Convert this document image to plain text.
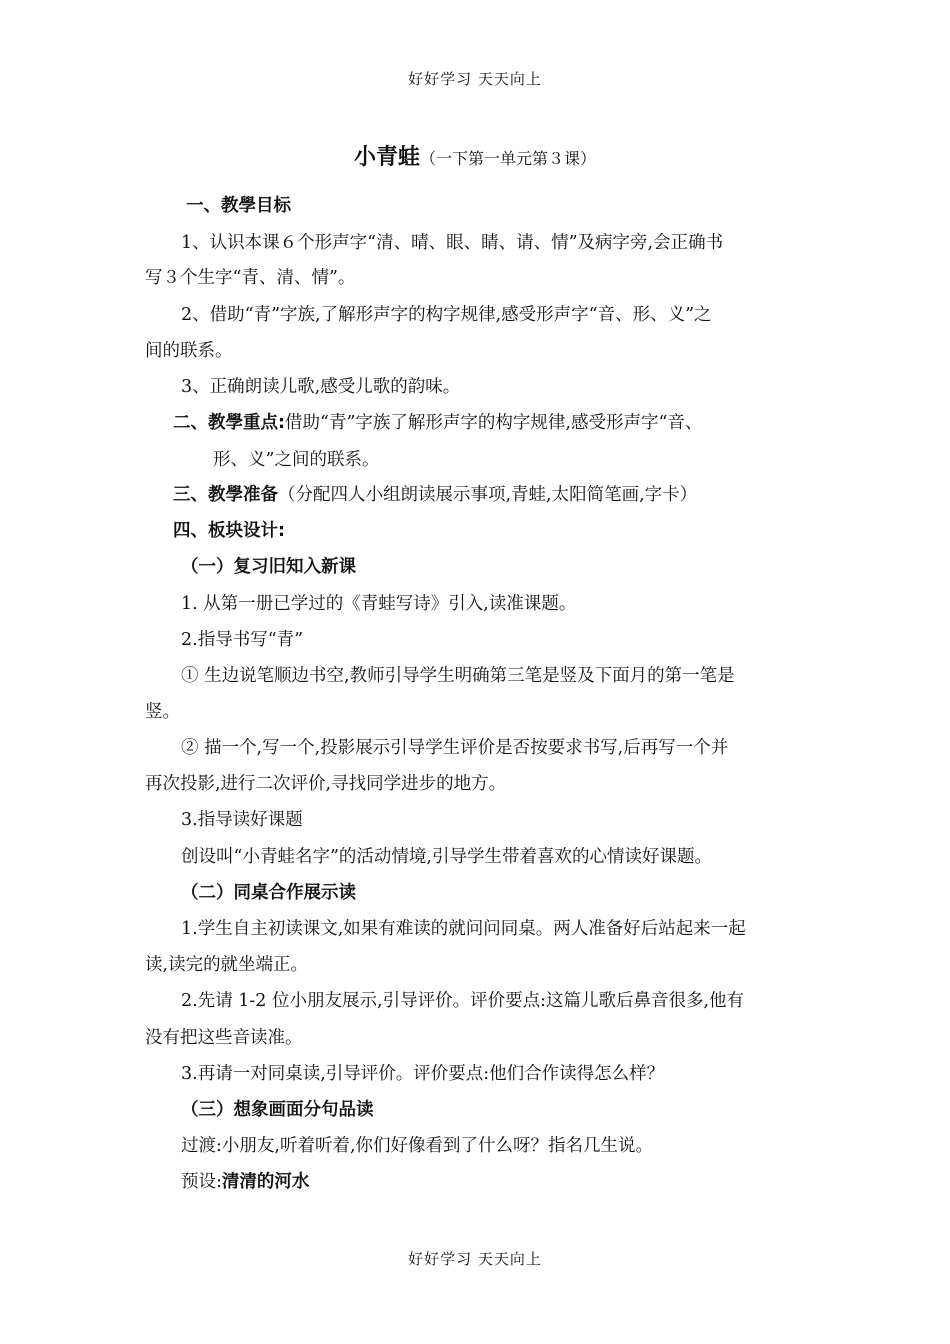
好好学习 天天向上
小青蛙（一下第一单元第３课）
一、教學目标
1、认识本课６个形声字“清、晴、眼、睛、请、情”及病字旁,会正确书
写３个生字“青、清、情”。
2、借助“青”字族,了解形声字的构字规律,感受形声字“音、形、义”之
间的联系。
3、正确朗读儿歌,感受儿歌的韵味。
二、教學重点:借助“青”字族了解形声字的构字规律,感受形声字“音、
形、义”之间的联系。
三、教學准备（分配四人小组朗读展示事项,青蛙,太阳简笔画,字卡）
四、板块设计:
（一）复习旧知入新课
1. 从第一册已学过的《青蛙写诗》引入,读准课题。
2.指导书写“青”
① 生边说笔顺边书空,教师引导学生明确第三笔是竖及下面月的第一笔是
竖。
② 描一个,写一个,投影展示引导学生评价是否按要求书写,后再写一个并
再次投影,进行二次评价,寻找同学进步的地方。
3.指导读好课题
创设叫“小青蛙名字”的活动情境,引导学生带着喜欢的心情读好课题。
（二）同桌合作展示读
1.学生自主初读课文,如果有难读的就问问同桌。两人准备好后站起来一起
读,读完的就坐端正。
2.先请 1-2 位小朋友展示,引导评价。评价要点:这篇儿歌后鼻音很多,他有
没有把这些音读准。
3.再请一对同桌读,引导评价。评价要点:他们合作读得怎么样？
（三）想象画面分句品读
过渡:小朋友,听着听着,你们好像看到了什么呀？指名几生说。
预设:清清的河水
好好学习 天天向上
